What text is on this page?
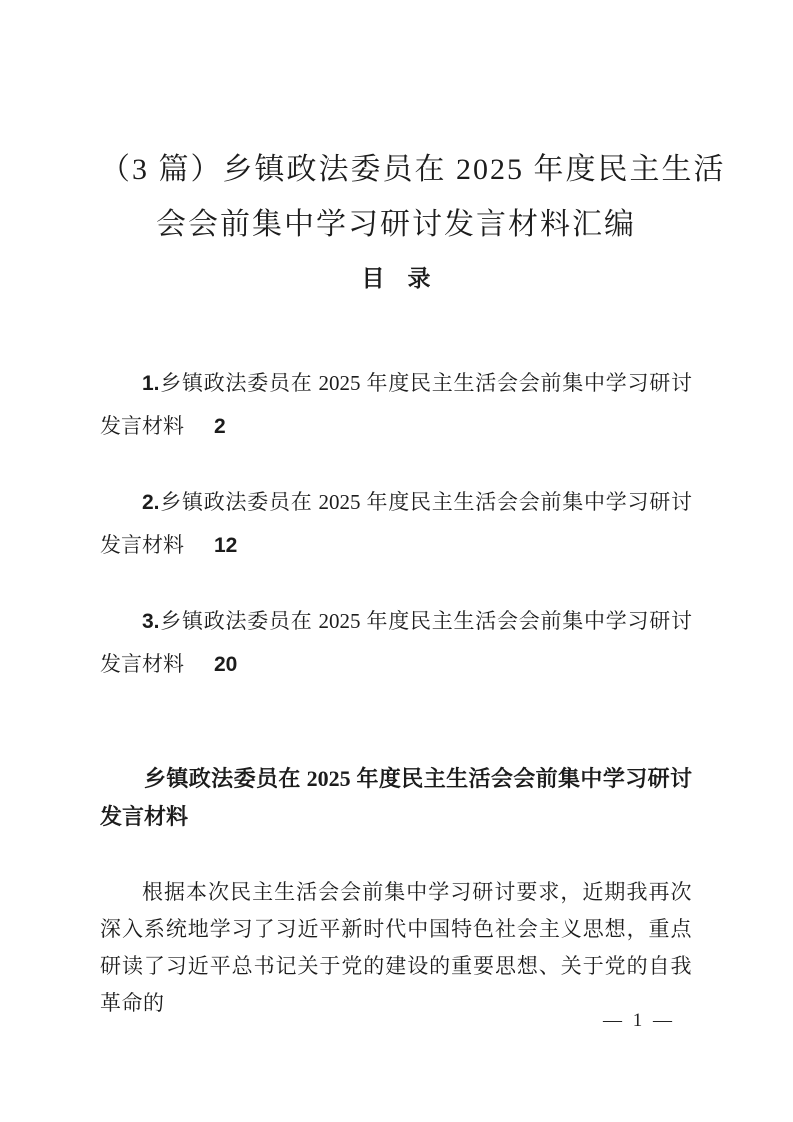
（3 篇）乡镇政法委员在 2025 年度民主生活
会会前集中学习研讨发言材料汇编
目　录

1.乡镇政法委员在 2025 年度民主生活会会前集中学习研讨发言材料 2

2.乡镇政法委员在 2025 年度民主生活会会前集中学习研讨发言材料 12

3.乡镇政法委员在 2025 年度民主生活会会前集中学习研讨发言材料 20

乡镇政法委员在 2025 年度民主生活会会前集中学习研讨发言材料

根据本次民主生活会会前集中学习研讨要求，近期我再次深入系统地学习了习近平新时代中国特色社会主义思想，重点研读了习近平总书记关于党的建设的重要思想、关于党的自我革命的

— 1 —
